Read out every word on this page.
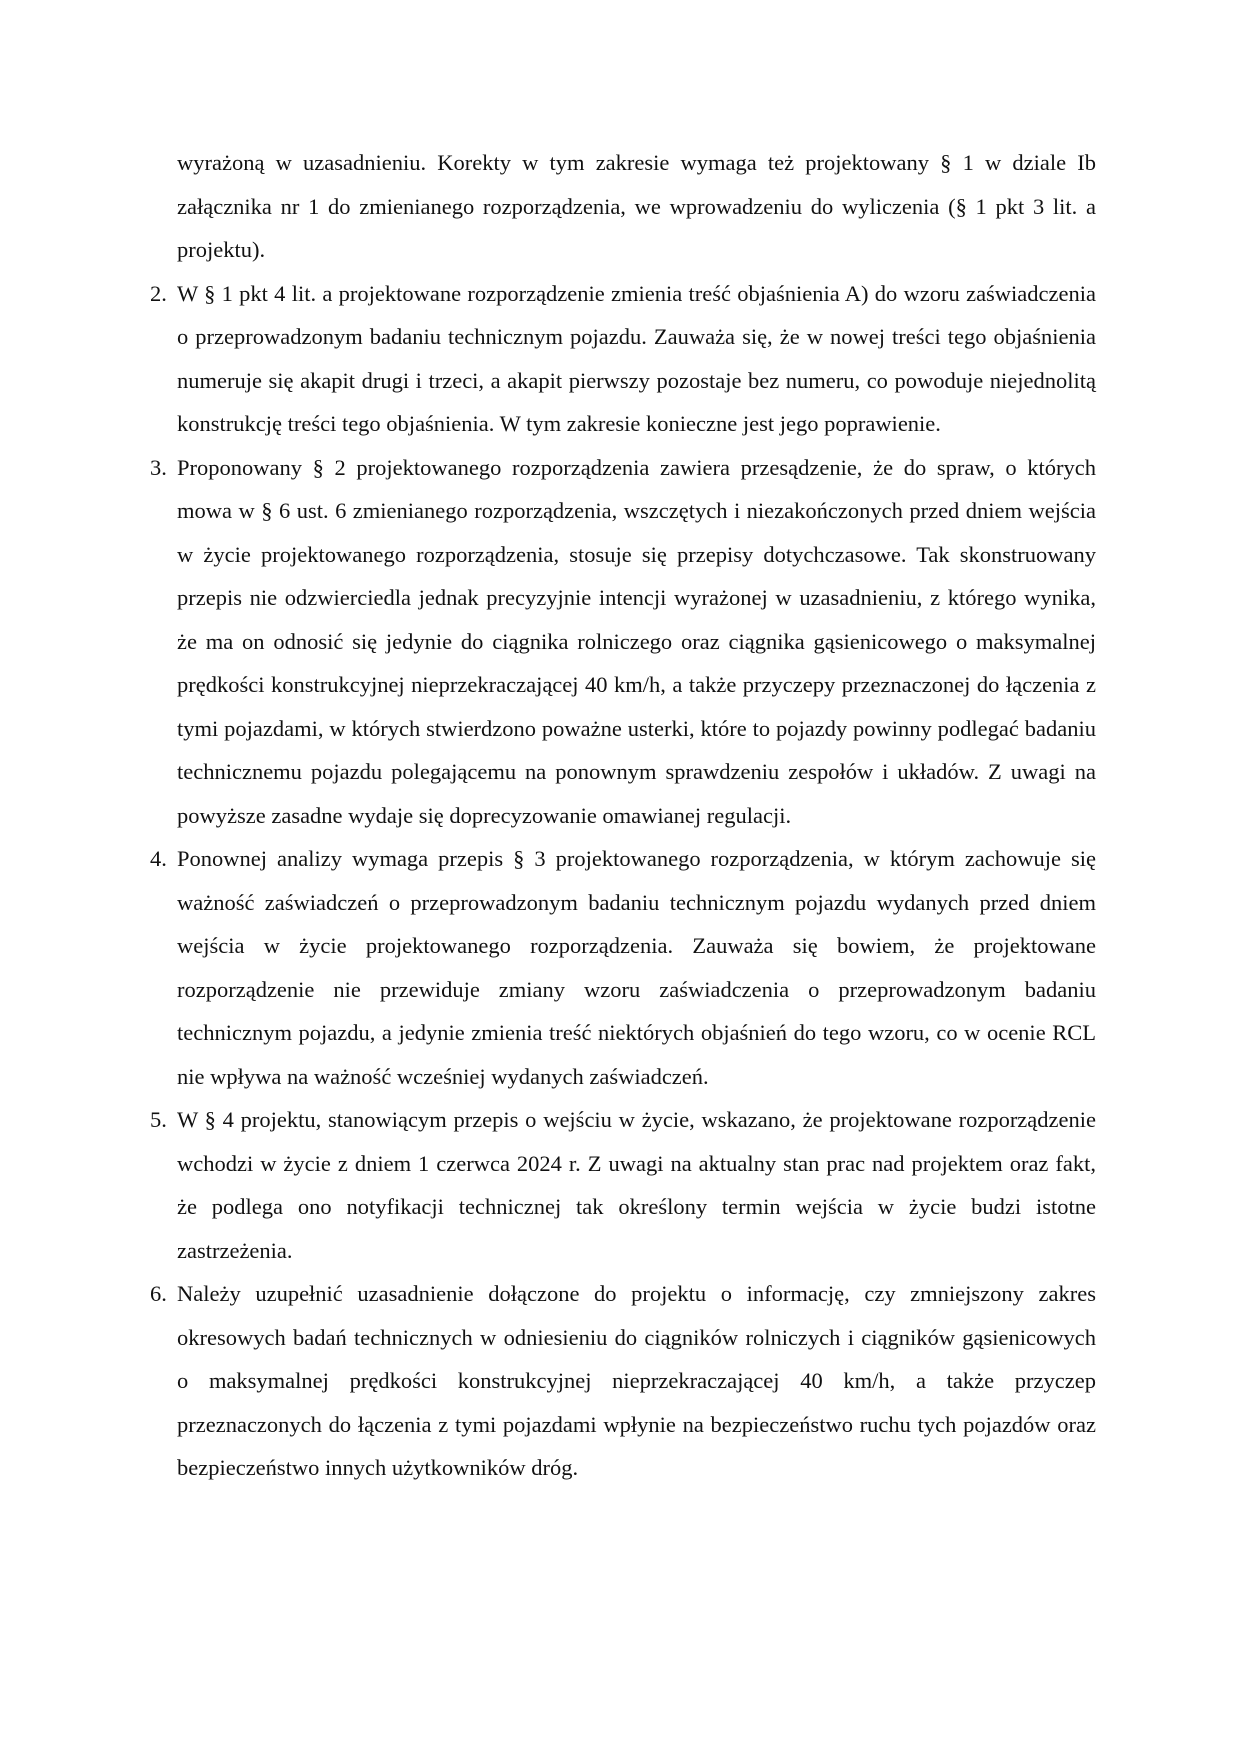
wyrażoną w uzasadnieniu. Korekty w tym zakresie wymaga też projektowany § 1 w dziale Ib załącznika nr 1 do zmienianego rozporządzenia, we wprowadzeniu do wyliczenia (§ 1 pkt 3 lit. a projektu).

2. W § 1 pkt 4 lit. a projektowane rozporządzenie zmienia treść objaśnienia A) do wzoru zaświadczenia o przeprowadzonym badaniu technicznym pojazdu. Zauważa się, że w nowej treści tego objaśnienia numeruje się akapit drugi i trzeci, a akapit pierwszy pozostaje bez numeru, co powoduje niejednolitą konstrukcję treści tego objaśnienia. W tym zakresie konieczne jest jego poprawienie.

3. Proponowany § 2 projektowanego rozporządzenia zawiera przesądzenie, że do spraw, o których mowa w § 6 ust. 6 zmienianego rozporządzenia, wszczętych i niezakończonych przed dniem wejścia w życie projektowanego rozporządzenia, stosuje się przepisy dotychczasowe. Tak skonstruowany przepis nie odzwierciedla jednak precyzyjnie intencji wyrażonej w uzasadnieniu, z którego wynika, że ma on odnosić się jedynie do ciągnika rolniczego oraz ciągnika gąsienicowego o maksymalnej prędkości konstrukcyjnej nieprzekraczającej 40 km/h, a także przyczepy przeznaczonej do łączenia z tymi pojazdami, w których stwierdzono poważne usterki, które to pojazdy powinny podlegać badaniu technicznemu pojazdu polegającemu na ponownym sprawdzeniu zespołów i układów. Z uwagi na powyższe zasadne wydaje się doprecyzowanie omawianej regulacji.

4. Ponownej analizy wymaga przepis § 3 projektowanego rozporządzenia, w którym zachowuje się ważność zaświadczeń o przeprowadzonym badaniu technicznym pojazdu wydanych przed dniem wejścia w życie projektowanego rozporządzenia. Zauważa się bowiem, że projektowane rozporządzenie nie przewiduje zmiany wzoru zaświadczenia o przeprowadzonym badaniu technicznym pojazdu, a jedynie zmienia treść niektórych objaśnień do tego wzoru, co w ocenie RCL nie wpływa na ważność wcześniej wydanych zaświadczeń.

5. W § 4 projektu, stanowiącym przepis o wejściu w życie, wskazano, że projektowane rozporządzenie wchodzi w życie z dniem 1 czerwca 2024 r. Z uwagi na aktualny stan prac nad projektem oraz fakt, że podlega ono notyfikacji technicznej tak określony termin wejścia w życie budzi istotne zastrzeżenia.

6. Należy uzupełnić uzasadnienie dołączone do projektu o informację, czy zmniejszony zakres okresowych badań technicznych w odniesieniu do ciągników rolniczych i ciągników gąsienicowych o maksymalnej prędkości konstrukcyjnej nieprzekraczającej 40 km/h, a także przyczep przeznaczonych do łączenia z tymi pojazdami wpłynie na bezpieczeństwo ruchu tych pojazdów oraz bezpieczeństwo innych użytkowników dróg.
